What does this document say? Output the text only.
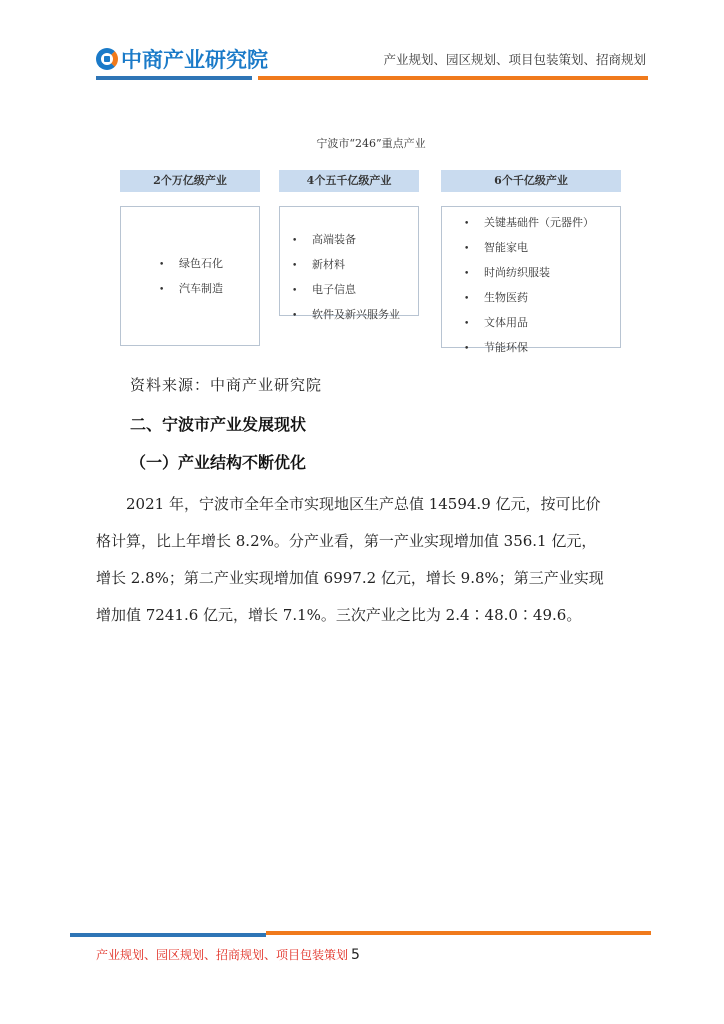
中商产业研究院	产业规划、园区规划、项目包装策划、招商规划
宁波市“246”重点产业
2个万亿级产业
• 绿色石化
• 汽车制造
4个五千亿级产业
• 高端装备
• 新材料
• 电子信息
• 软件及新兴服务业
6个千亿级产业
• 关键基础件（元器件）
• 智能家电
• 时尚纺织服装
• 生物医药
• 文体用品
• 节能环保
资料来源：中商产业研究院
二、宁波市产业发展现状
（一）产业结构不断优化
　　2021 年，宁波市全年全市实现地区生产总值 14594.9 亿元，按可比价
格计算，比上年增长 8.2%。分产业看，第一产业实现增加值 356.1 亿元，
增长 2.8%；第二产业实现增加值 6997.2 亿元，增长 9.8%；第三产业实现
增加值 7241.6 亿元，增长 7.1%。三次产业之比为 2.4∶48.0∶49.6。
产业规划、园区规划、招商规划、项目包装策划 5
